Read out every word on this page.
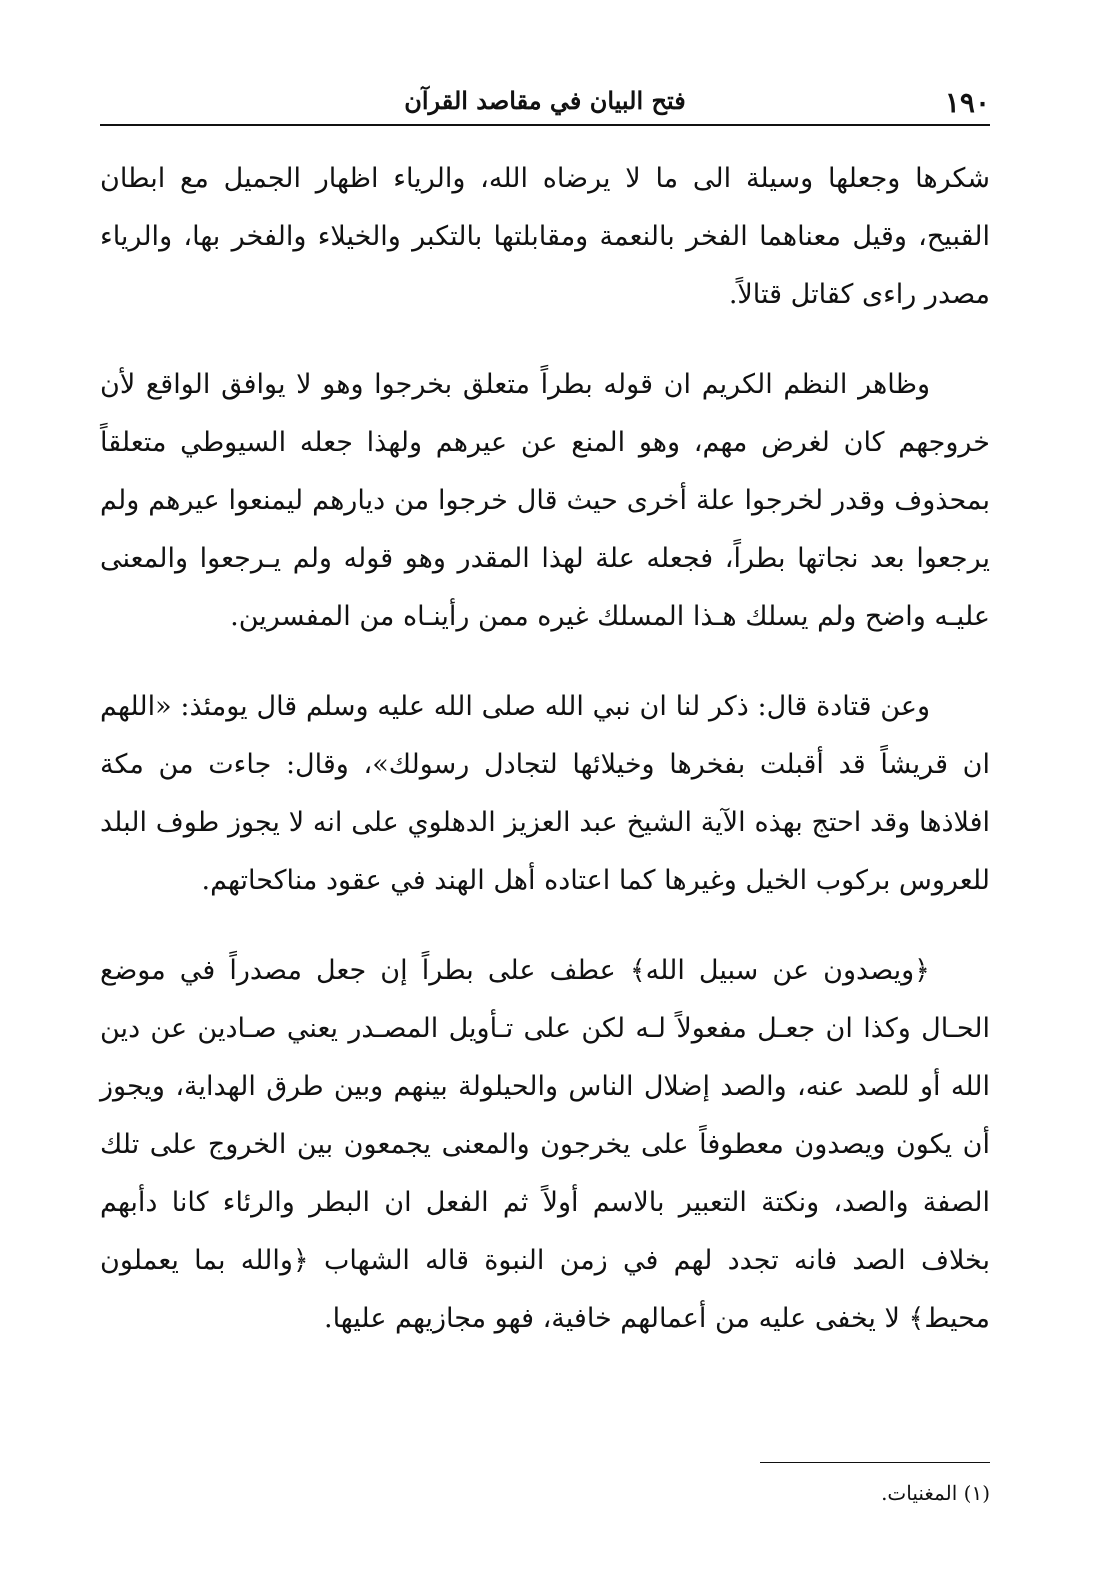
١٩٠
فتح البيان في مقاصد القرآن

شكرها وجعلها وسيلة الى ما لا يرضاه الله، والرياء اظهار الجميل مع ابطان القبيح، وقيل معناهما الفخر بالنعمة ومقابلتها بالتكبر والخيلاء والفخر بها، والرياء مصدر راءى كقاتل قتالاً.

وظاهر النظم الكريم ان قوله بطراً متعلق بخرجوا وهو لا يوافق الواقع لأن خروجهم كان لغرض مهم، وهو المنع عن عيرهم ولهذا جعله السيوطي متعلقاً بمحذوف وقدر لخرجوا علة أخرى حيث قال خرجوا من ديارهم ليمنعوا عيرهم ولم يرجعوا بعد نجاتها بطراً، فجعله علة لهذا المقدر وهو قوله ولم يـرجعوا والمعنى عليـه واضح ولم يسلك هـذا المسلك غيره ممن رأينـاه من المفسرين.

وعن قتادة قال: ذكر لنا ان نبي الله صلى الله عليه وسلم قال يومئذ: «اللهم ان قريشاً قد أقبلت بفخرها وخيلائها لتجادل رسولك»، وقال: جاءت من مكة افلاذها وقد احتج بهذه الآية الشيخ عبد العزيز الدهلوي على انه لا يجوز طوف البلد للعروس بركوب الخيل وغيرها كما اعتاده أهل الهند في عقود مناكحاتهم.

﴿ويصدون عن سبيل الله﴾ عطف على بطراً إن جعل مصدراً في موضع الحـال وكذا ان جعـل مفعولاً لـه لكن على تـأويل المصـدر يعني صـادين عن دين الله أو للصد عنه، والصد إضلال الناس والحيلولة بينهم وبين طرق الهداية، ويجوز أن يكون ويصدون معطوفاً على يخرجون والمعنى يجمعون بين الخروج على تلك الصفة والصد، ونكتة التعبير بالاسم أولاً ثم الفعل ان البطر والرئاء كانا دأبهم بخلاف الصد فانه تجدد لهم في زمن النبوة قاله الشهاب ﴿والله بما يعملون محيط﴾ لا يخفى عليه من أعمالهم خافية، فهو مجازيهم عليها.

(١) المغنيات.
